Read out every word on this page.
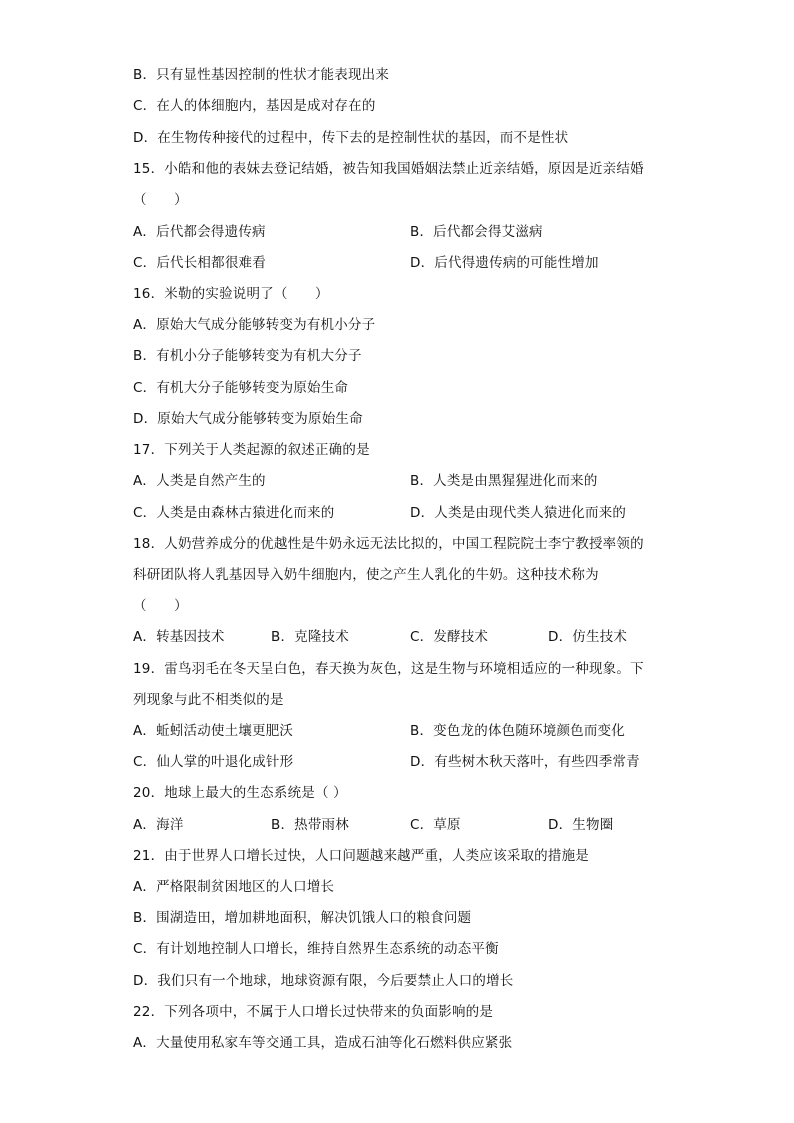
B．只有显性基因控制的性状才能表现出来
C．在人的体细胞内，基因是成对存在的
D．在生物传种接代的过程中，传下去的是控制性状的基因，而不是性状
15．小皓和他的表妹去登记结婚，被告知我国婚姻法禁止近亲结婚，原因是近亲结婚
（　　）
A．后代都会得遗传病	B．后代都会得艾滋病
C．后代长相都很难看	D．后代得遗传病的可能性增加
16．米勒的实验说明了（　　）
A．原始大气成分能够转变为有机小分子
B．有机小分子能够转变为有机大分子
C．有机大分子能够转变为原始生命
D．原始大气成分能够转变为原始生命
17．下列关于人类起源的叙述正确的是
A．人类是自然产生的	B．人类是由黑猩猩进化而来的
C．人类是由森林古猿进化而来的	D．人类是由现代类人猿进化而来的
18．人奶营养成分的优越性是牛奶永远无法比拟的，中国工程院院士李宁教授率领的
科研团队将人乳基因导入奶牛细胞内，使之产生人乳化的牛奶。这种技术称为
（　　）
A．转基因技术	B．克隆技术	C．发酵技术	D．仿生技术
19．雷鸟羽毛在冬天呈白色，春天换为灰色，这是生物与环境相适应的一种现象。下
列现象与此不相类似的是
A．蚯蚓活动使土壤更肥沃	B．变色龙的体色随环境颜色而变化
C．仙人掌的叶退化成针形	D．有些树木秋天落叶，有些四季常青
20．地球上最大的生态系统是（ ）
A．海洋	B．热带雨林	C．草原	D．生物圈
21．由于世界人口增长过快，人口问题越来越严重，人类应该采取的措施是
A．严格限制贫困地区的人口增长
B．围湖造田，增加耕地面积，解决饥饿人口的粮食问题
C．有计划地控制人口增长，维持自然界生态系统的动态平衡
D．我们只有一个地球，地球资源有限，今后要禁止人口的增长
22．下列各项中，不属于人口增长过快带来的负面影响的是
A．大量使用私家车等交通工具，造成石油等化石燃料供应紧张
